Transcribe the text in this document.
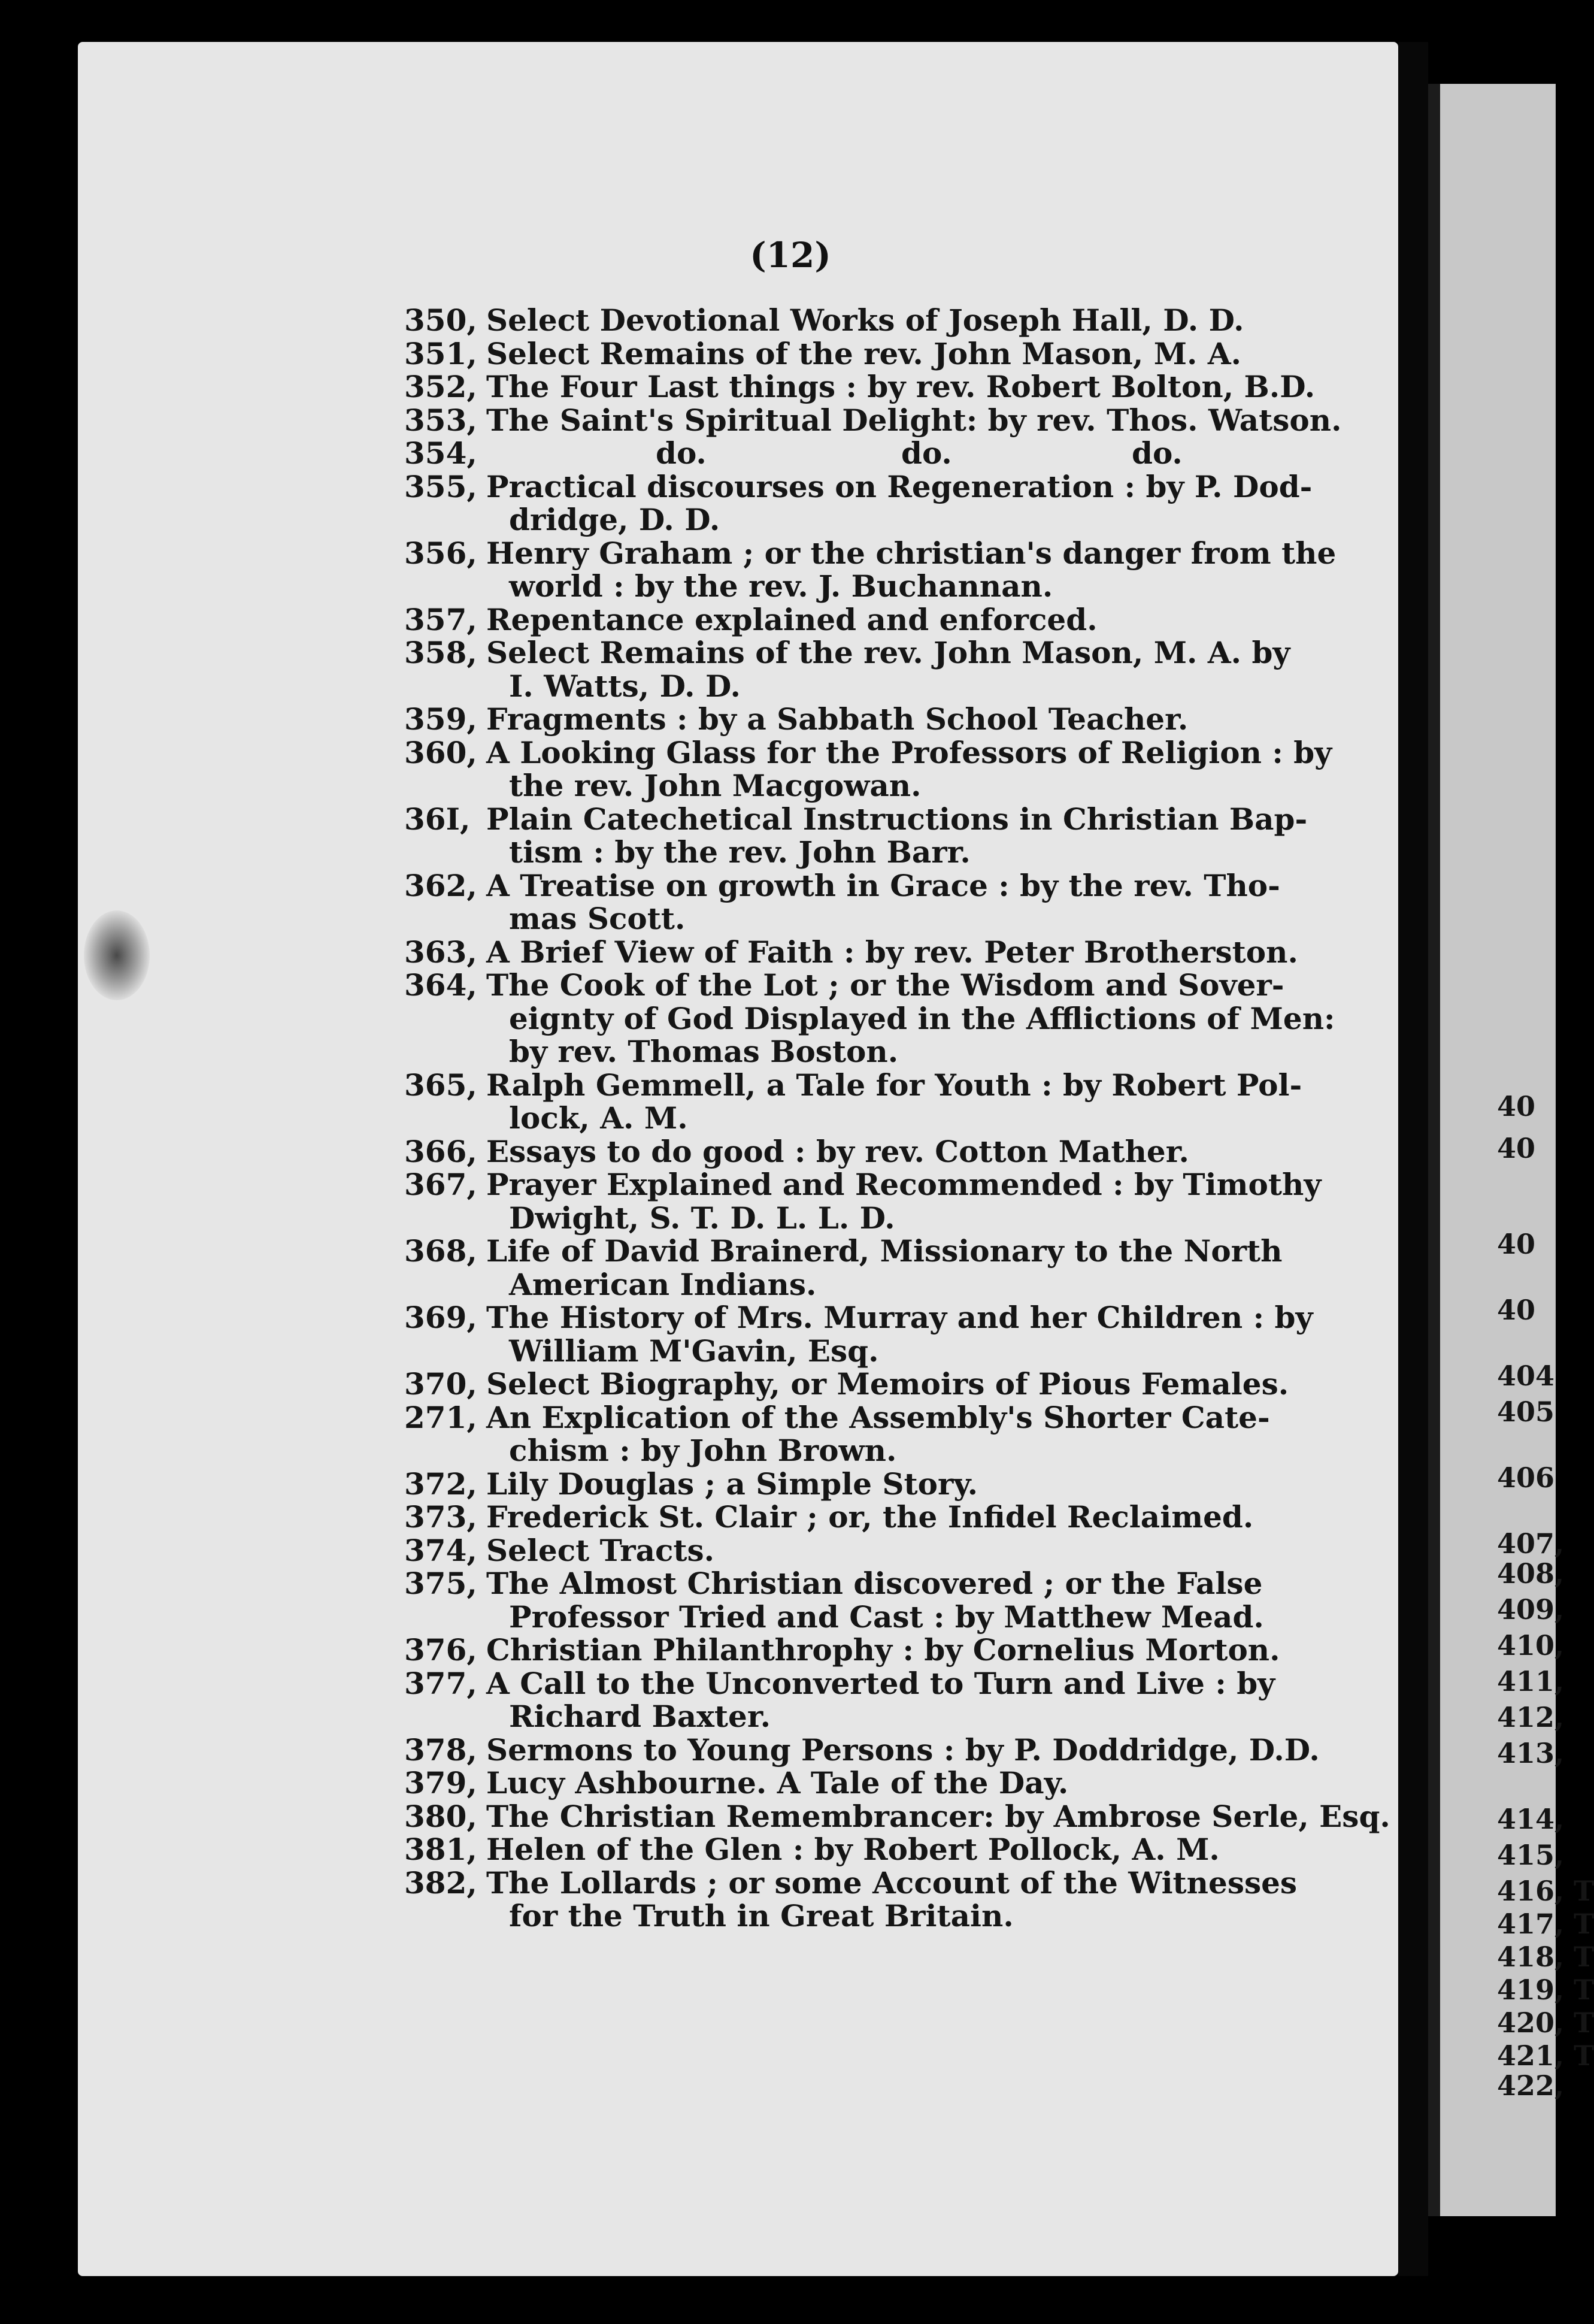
(12)
350, Select Devotional Works of Joseph Hall, D. D.
351, Select Remains of the rev. John Mason, M. A.
352, The Four Last things : by rev. Robert Bolton, B.D.
353, The Saint's Spiritual Delight: by rev. Thos. Watson.
354,	do.	do.	do.
355, Practical discourses on Regeneration : by P. Dod-
dridge, D. D.
356, Henry Graham ; or the christian's danger from the
world : by the rev. J. Buchannan.
357, Repentance explained and enforced.
358, Select Remains of the rev. John Mason, M. A. by
I. Watts, D. D.
359, Fragments : by a Sabbath School Teacher.
360, A Looking Glass for the Professors of Religion : by
the rev. John Macgowan.
36I, Plain Catechetical Instructions in Christian Bap-
tism : by the rev. John Barr.
362, A Treatise on growth in Grace : by the rev. Tho-
mas Scott.
363, A Brief View of Faith : by rev. Peter Brotherston.
364, The Cook of the Lot ; or the Wisdom and Sover-
eignty of God Displayed in the Afflictions of Men:
by rev. Thomas Boston.
365, Ralph Gemmell, a Tale for Youth : by Robert Pol-
lock, A. M.
366, Essays to do good : by rev. Cotton Mather.
367, Prayer Explained and Recommended : by Timothy
Dwight, S. T. D. L. L. D.
368, Life of David Brainerd, Missionary to the North
American Indians.
369, The History of Mrs. Murray and her Children : by
William M'Gavin, Esq.
370, Select Biography, or Memoirs of Pious Females.
271, An Explication of the Assembly's Shorter Cate-
chism : by John Brown.
372, Lily Douglas ; a Simple Story.
373, Frederick St. Clair ; or, the Infidel Reclaimed.
374, Select Tracts.
375, The Almost Christian discovered ; or the False
Professor Tried and Cast : by Matthew Mead.
376, Christian Philanthrophy : by Cornelius Morton.
377, A Call to the Unconverted to Turn and Live : by
Richard Baxter.
378, Sermons to Young Persons : by P. Doddridge, D.D.
379, Lucy Ashbourne. A Tale of the Day.
380, The Christian Remembrancer: by Ambrose Serle, Esq.
381, Helen of the Glen : by Robert Pollock, A. M.
382, The Lollards ; or some Account of the Witnesses
for the Truth in Great Britain.
40
40
40
40
404
405
406
407,
408,
409,
410,
411,
412,
413,
414,
415,
416, T
417, T
418, T
419, T
420, T
421, T
422,
